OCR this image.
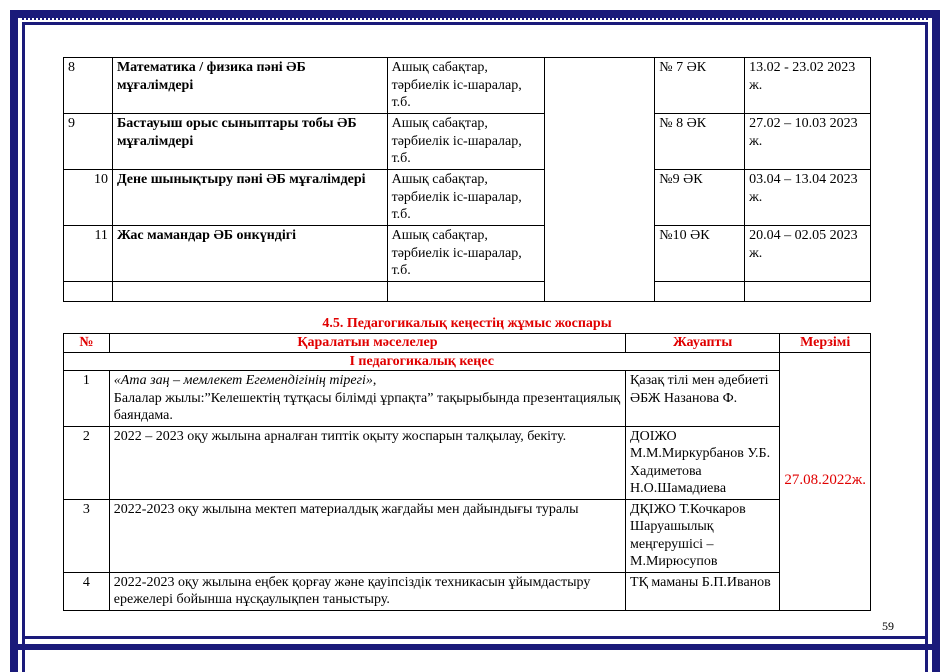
8	Математика / физика пәні ӘБ мұғалімдері	Ашық сабақтар, тәрбиелік іс-шаралар, т.б.		№ 7 ӘК	13.02 - 23.02 2023 ж.
9	Бастауыш орыс сыныптары тобы ӘБ мұғалімдері	Ашық сабақтар, тәрбиелік іс-шаралар, т.б.		№ 8 ӘК	27.02 – 10.03 2023 ж.
10	Дене шынықтыру пәні ӘБ мұғалімдері	Ашық сабақтар, тәрбиелік іс-шаралар, т.б.		№9 ӘК	03.04 – 13.04 2023 ж.
11	Жас мамандар ӘБ онкүндігі	Ашық сабақтар, тәрбиелік іс-шаралар, т.б.		№10 ӘК	20.04 – 02.05 2023 ж.

4.5. Педагогикалық кеңестің жұмыс жоспары
№	Қаралатын мәселелер	Жауапты	Мерзімі
I педагогикалық кеңес			27.08.2022ж.
1	«Ата заң – мемлекет Егемендігінің тірегі»,
Балалар жылы:”Келешектің тұтқасы білімді ұрпақта” тақырыбында презентациялық баяндама.	Қазақ тілі мен әдебиеті ӘБЖ Назанова Ф.	
2	2022 – 2023 оқу жылына арналған типтік оқыту жоспарын талқылау, бекіту.	ДОІЖО М.М.Миркурбанов У.Б. Хадиметова Н.О.Шамадиева	
3	2022-2023 оқу жылына мектеп материалдық жағдайы мен дайындығы туралы	ДҚІЖО Т.Кочкаров Шаруашылық меңгерушісі – М.Мирюсупов	
4	2022-2023 оқу жылына еңбек қорғау және қауіпсіздік техникасын ұйымдастыру ережелері бойынша нұсқаулықпен таныстыру.	ТҚ маманы Б.П.Иванов	
59
